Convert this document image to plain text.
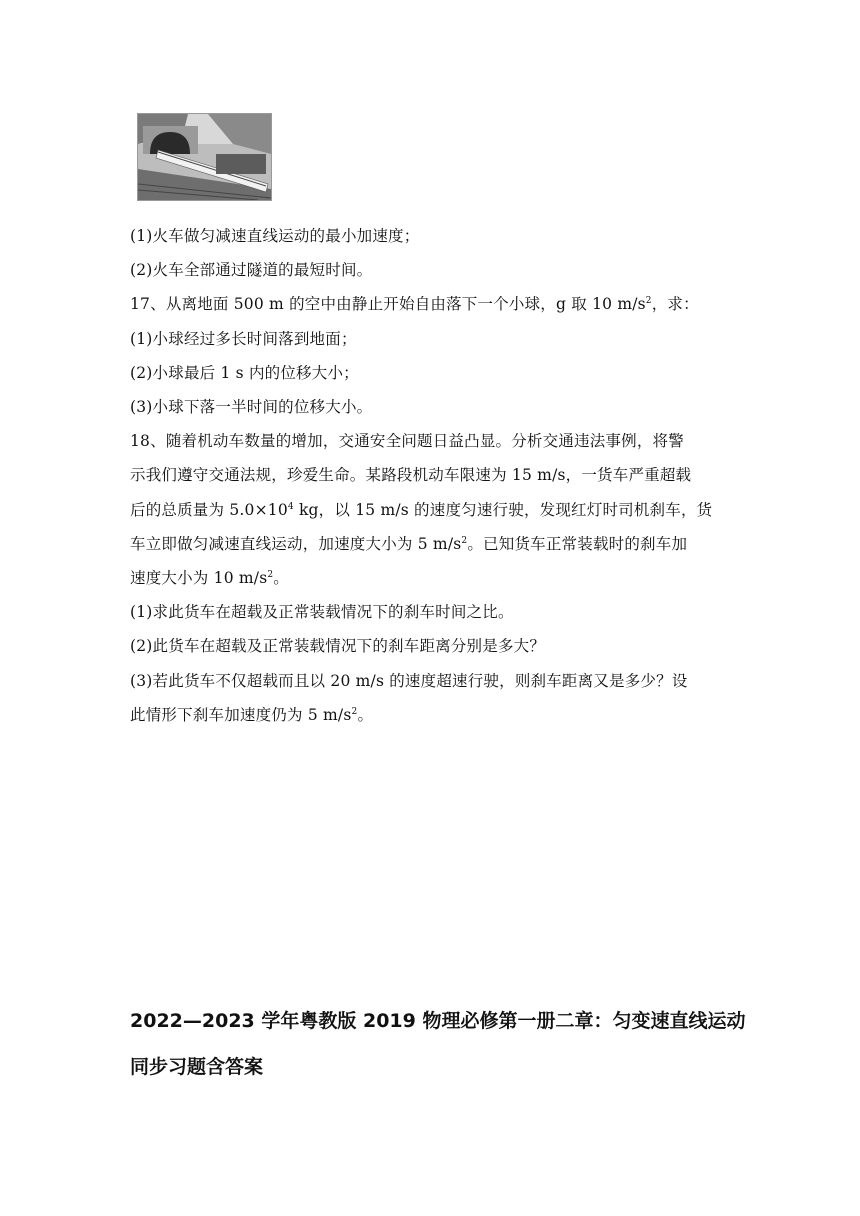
(1)火车做匀减速直线运动的最小加速度；
(2)火车全部通过隧道的最短时间。
17、从离地面 500 m 的空中由静止开始自由落下一个小球，g 取 10 $m/s^2$，求：
(1)小球经过多长时间落到地面；
(2)小球最后 1 s 内的位移大小；
(3)小球下落一半时间的位移大小。
18、随着机动车数量的增加，交通安全问题日益凸显。分析交通违法事例，将警
示我们遵守交通法规，珍爱生命。某路段机动车限速为 15 m/s，一货车严重超载
后的总质量为 $5.0\times 10^4$ kg，以 15 m/s 的速度匀速行驶，发现红灯时司机刹车，货
车立即做匀减速直线运动，加速度大小为 5 $m/s^2$。已知货车正常装载时的刹车加
速度大小为 10 $m/s^2$。
(1)求此货车在超载及正常装载情况下的刹车时间之比。
(2)此货车在超载及正常装载情况下的刹车距离分别是多大？
(3)若此货车不仅超载而且以 20 m/s 的速度超速行驶，则刹车距离又是多少？设
此情形下刹车加速度仍为 5 $m/s^2$。
2022—2023 学年粤教版 2019 物理必修第一册二章：匀变速直线运动
同步习题含答案
